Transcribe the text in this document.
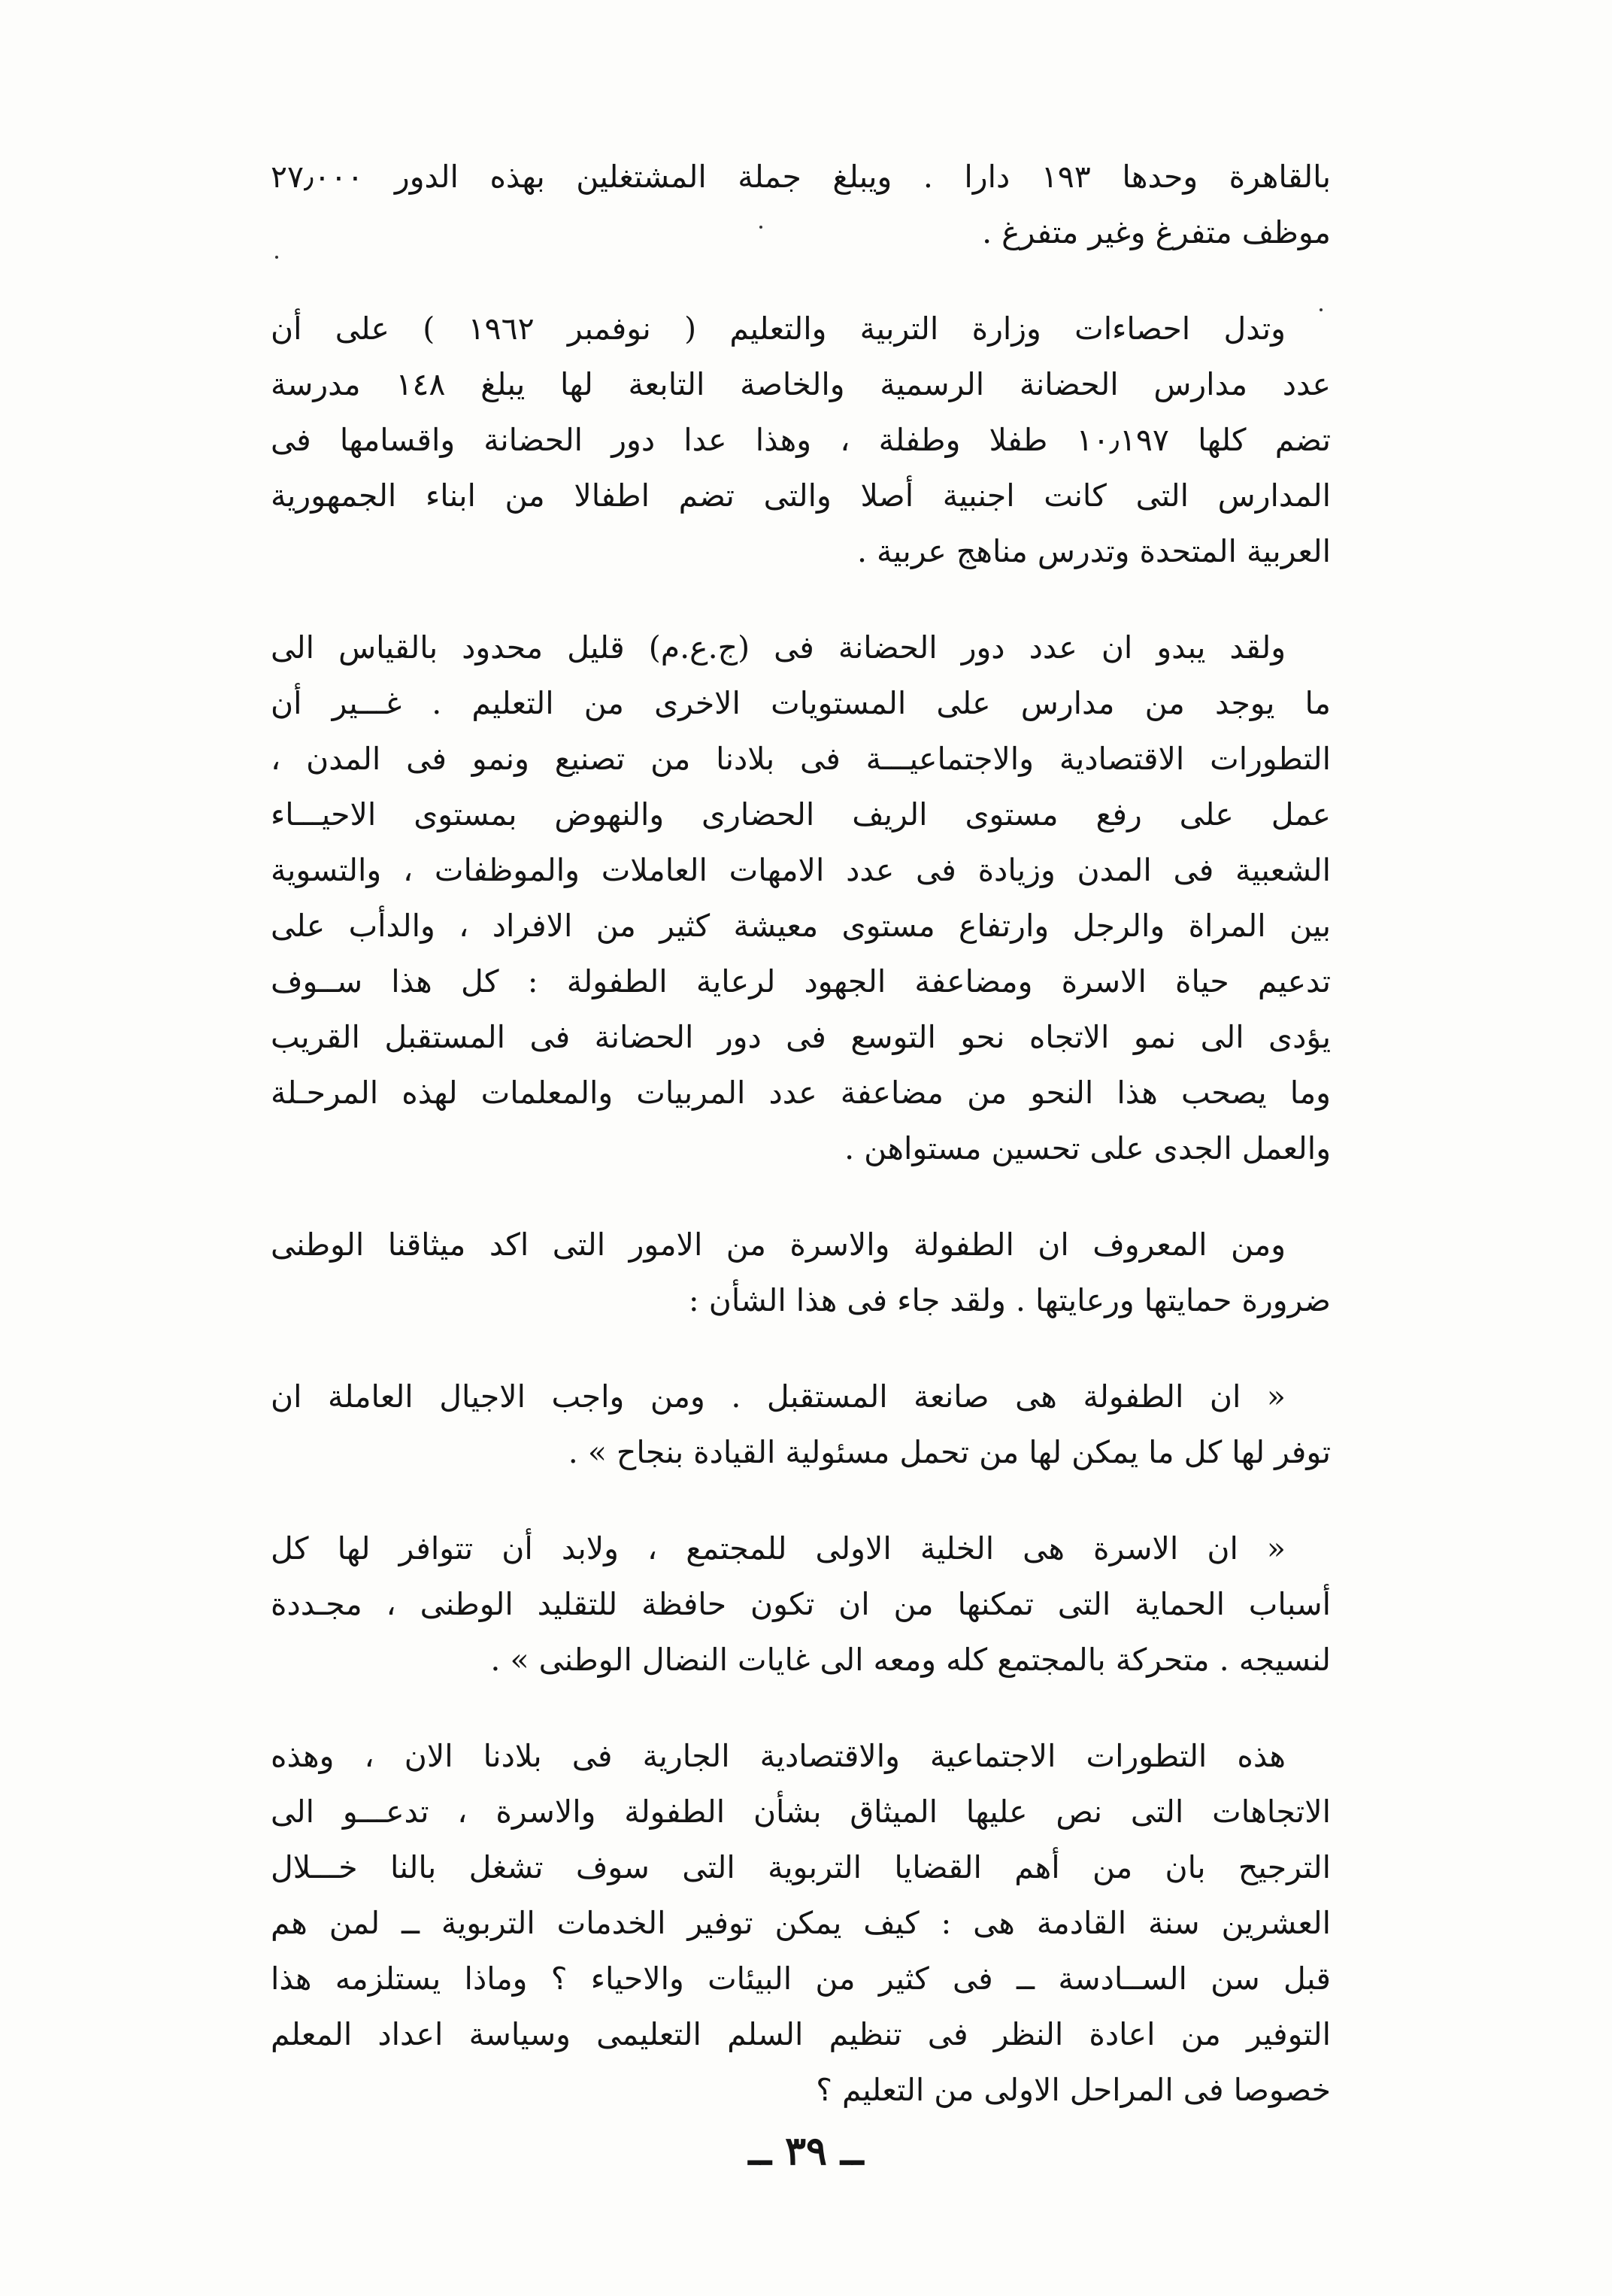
بالقاهرة وحدها ١٩٣ دارا . ويبلغ جملة المشتغلين بهذه الدور ٢٧٫٠٠٠
موظف متفرغ وغير متفرغ .
وتدل احصاءات وزارة التربية والتعليم ( نوفمبر ١٩٦٢ ) على أن
عدد مدارس الحضانة الرسمية والخاصة التابعة لها يبلغ ١٤٨ مدرسة
تضم كلها ١٠٫١٩٧ طفلا وطفلة ، وهذا عدا دور الحضانة واقسامها فى
المدارس التى كانت اجنبية أصلا والتى تضم اطفالا من ابناء الجمهورية
العربية المتحدة وتدرس مناهج عربية .
ولقد يبدو ان عدد دور الحضانة فى (ج.ع.م) قليل محدود بالقياس الى
ما يوجد من مدارس على المستويات الاخرى من التعليم . غـــير أن
التطورات الاقتصادية والاجتماعيـــة فى بلادنا من تصنيع ونمو فى المدن ،
عمل على رفع مستوى الريف الحضارى والنهوض بمستوى الاحيـــاء
الشعبية فى المدن وزيادة فى عدد الامهات العاملات والموظفات ، والتسوية
بين المراة والرجل وارتفاع مستوى معيشة كثير من الافراد ، والدأب على
تدعيم حياة الاسرة ومضاعفة الجهود لرعاية الطفولة : كل هذا ســوف
يؤدى الى نمو الاتجاه نحو التوسع فى دور الحضانة فى المستقبل القريب
وما يصحب هذا النحو من مضاعفة عدد المربيات والمعلمات لهذه المرحـلة
والعمل الجدى على تحسين مستواهن .
ومن المعروف ان الطفولة والاسرة من الامور التى اكد ميثاقنا الوطنى
ضرورة حمايتها ورعايتها . ولقد جاء فى هذا الشأن :
« ان الطفولة هى صانعة المستقبل . ومن واجب الاجيال العاملة ان
توفر لها كل ما يمكن لها من تحمل مسئولية القيادة بنجاح » .
« ان الاسرة هى الخلية الاولى للمجتمع ، ولابد أن تتوافر لها كل
أسباب الحماية التى تمكنها من ان تكون حافظة للتقليد الوطنى ، مجـددة
لنسيجه . متحركة بالمجتمع كله ومعه الى غايات النضال الوطنى » .
هذه التطورات الاجتماعية والاقتصادية الجارية فى بلادنا الان ، وهذه
الاتجاهات التى نص عليها الميثاق بشأن الطفولة والاسرة ، تدعـــو الى
الترجيح بان من أهم القضايا التربوية التى سوف تشغل بالنا خـــلال
العشرين سنة القادمة هى : كيف يمكن توفير الخدمات التربوية ــ لمن هم
قبل سن الســادسة ــ فى كثير من البيئات والاحياء ؟ وماذا يستلزمه هذا
التوفير من اعادة النظر فى تنظيم السلم التعليمى وسياسة اعداد المعلم
خصوصا فى المراحل الاولى من التعليم ؟
ــ ٣٩ ــ
